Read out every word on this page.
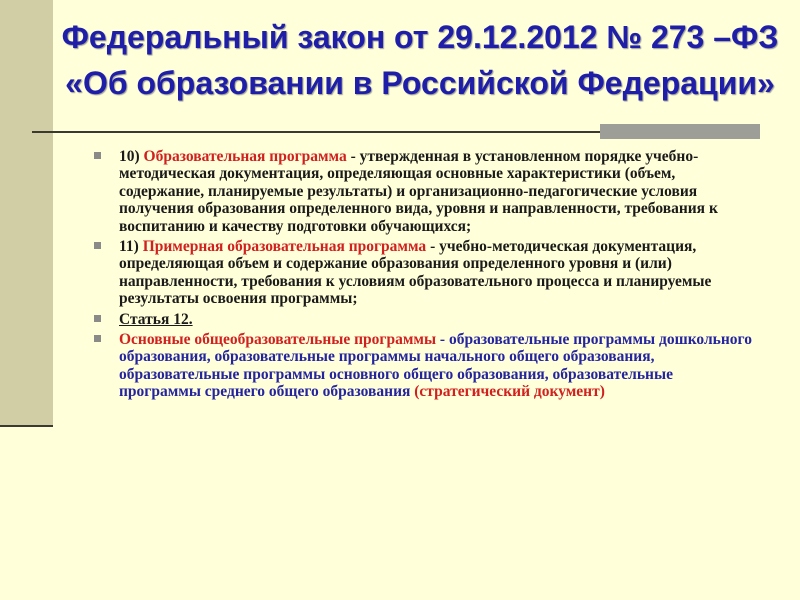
Федеральный закон от 29.12.2012 № 273 –ФЗ «Об образовании в Российской Федерации»
10) Образовательная программа - утвержденная в установленном порядке учебно-методическая документация, определяющая основные характеристики (объем, содержание, планируемые результаты) и организационно-педагогические условия получения образования определенного вида, уровня и направленности, требования к воспитанию и качеству подготовки обучающихся;
11) Примерная образовательная программа - учебно-методическая документация, определяющая объем и содержание образования определенного уровня и (или) направленности, требования к условиям образовательного процесса и планируемые результаты освоения программы;
Статья 12.
Основные общеобразовательные программы - образовательные программы дошкольного образования, образовательные программы начального общего образования, образовательные программы основного общего образования, образовательные программы среднего общего образования (стратегический документ)
